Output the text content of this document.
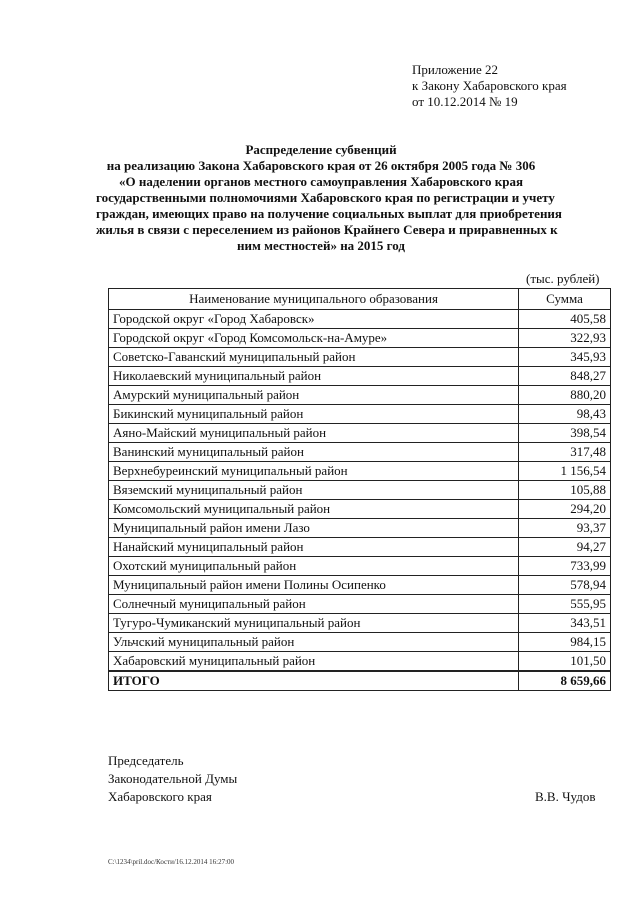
Приложение 22
к Закону Хабаровского края
от 10.12.2014 № 19
Распределение субвенций
на реализацию Закона Хабаровского края от 26 октября 2005 года № 306
«О наделении органов местного самоуправления Хабаровского края
государственными полномочиями Хабаровского края по регистрации и учету
граждан, имеющих право на получение социальных выплат для приобретения
жилья в связи с переселением из районов Крайнего Севера и приравненных к
ним местностей» на 2015 год
(тыс. рублей)
Наименование муниципального образования	Сумма
Городской округ «Город Хабаровск»	405,58
Городской округ «Город Комсомольск-на-Амуре»	322,93
Советско-Гаванский муниципальный район	345,93
Николаевский муниципальный район	848,27
Амурский муниципальный район	880,20
Бикинский муниципальный район	98,43
Аяно-Майский муниципальный район	398,54
Ванинский муниципальный район	317,48
Верхнебуреинский муниципальный район	1 156,54
Вяземский муниципальный район	105,88
Комсомольский муниципальный район	294,20
Муниципальный район имени Лазо	93,37
Нанайский муниципальный район	94,27
Охотский муниципальный район	733,99
Муниципальный район имени Полины Осипенко	578,94
Солнечный муниципальный район	555,95
Тугуро-Чумиканский муниципальный район	343,51
Ульчский муниципальный район	984,15
Хабаровский муниципальный район	101,50
ИТОГО	8 659,66
Председатель
Законодательной Думы
Хабаровского края	В.В. Чудов
C:\1234\pril.doc/Кости/16.12.2014 16:27:00
